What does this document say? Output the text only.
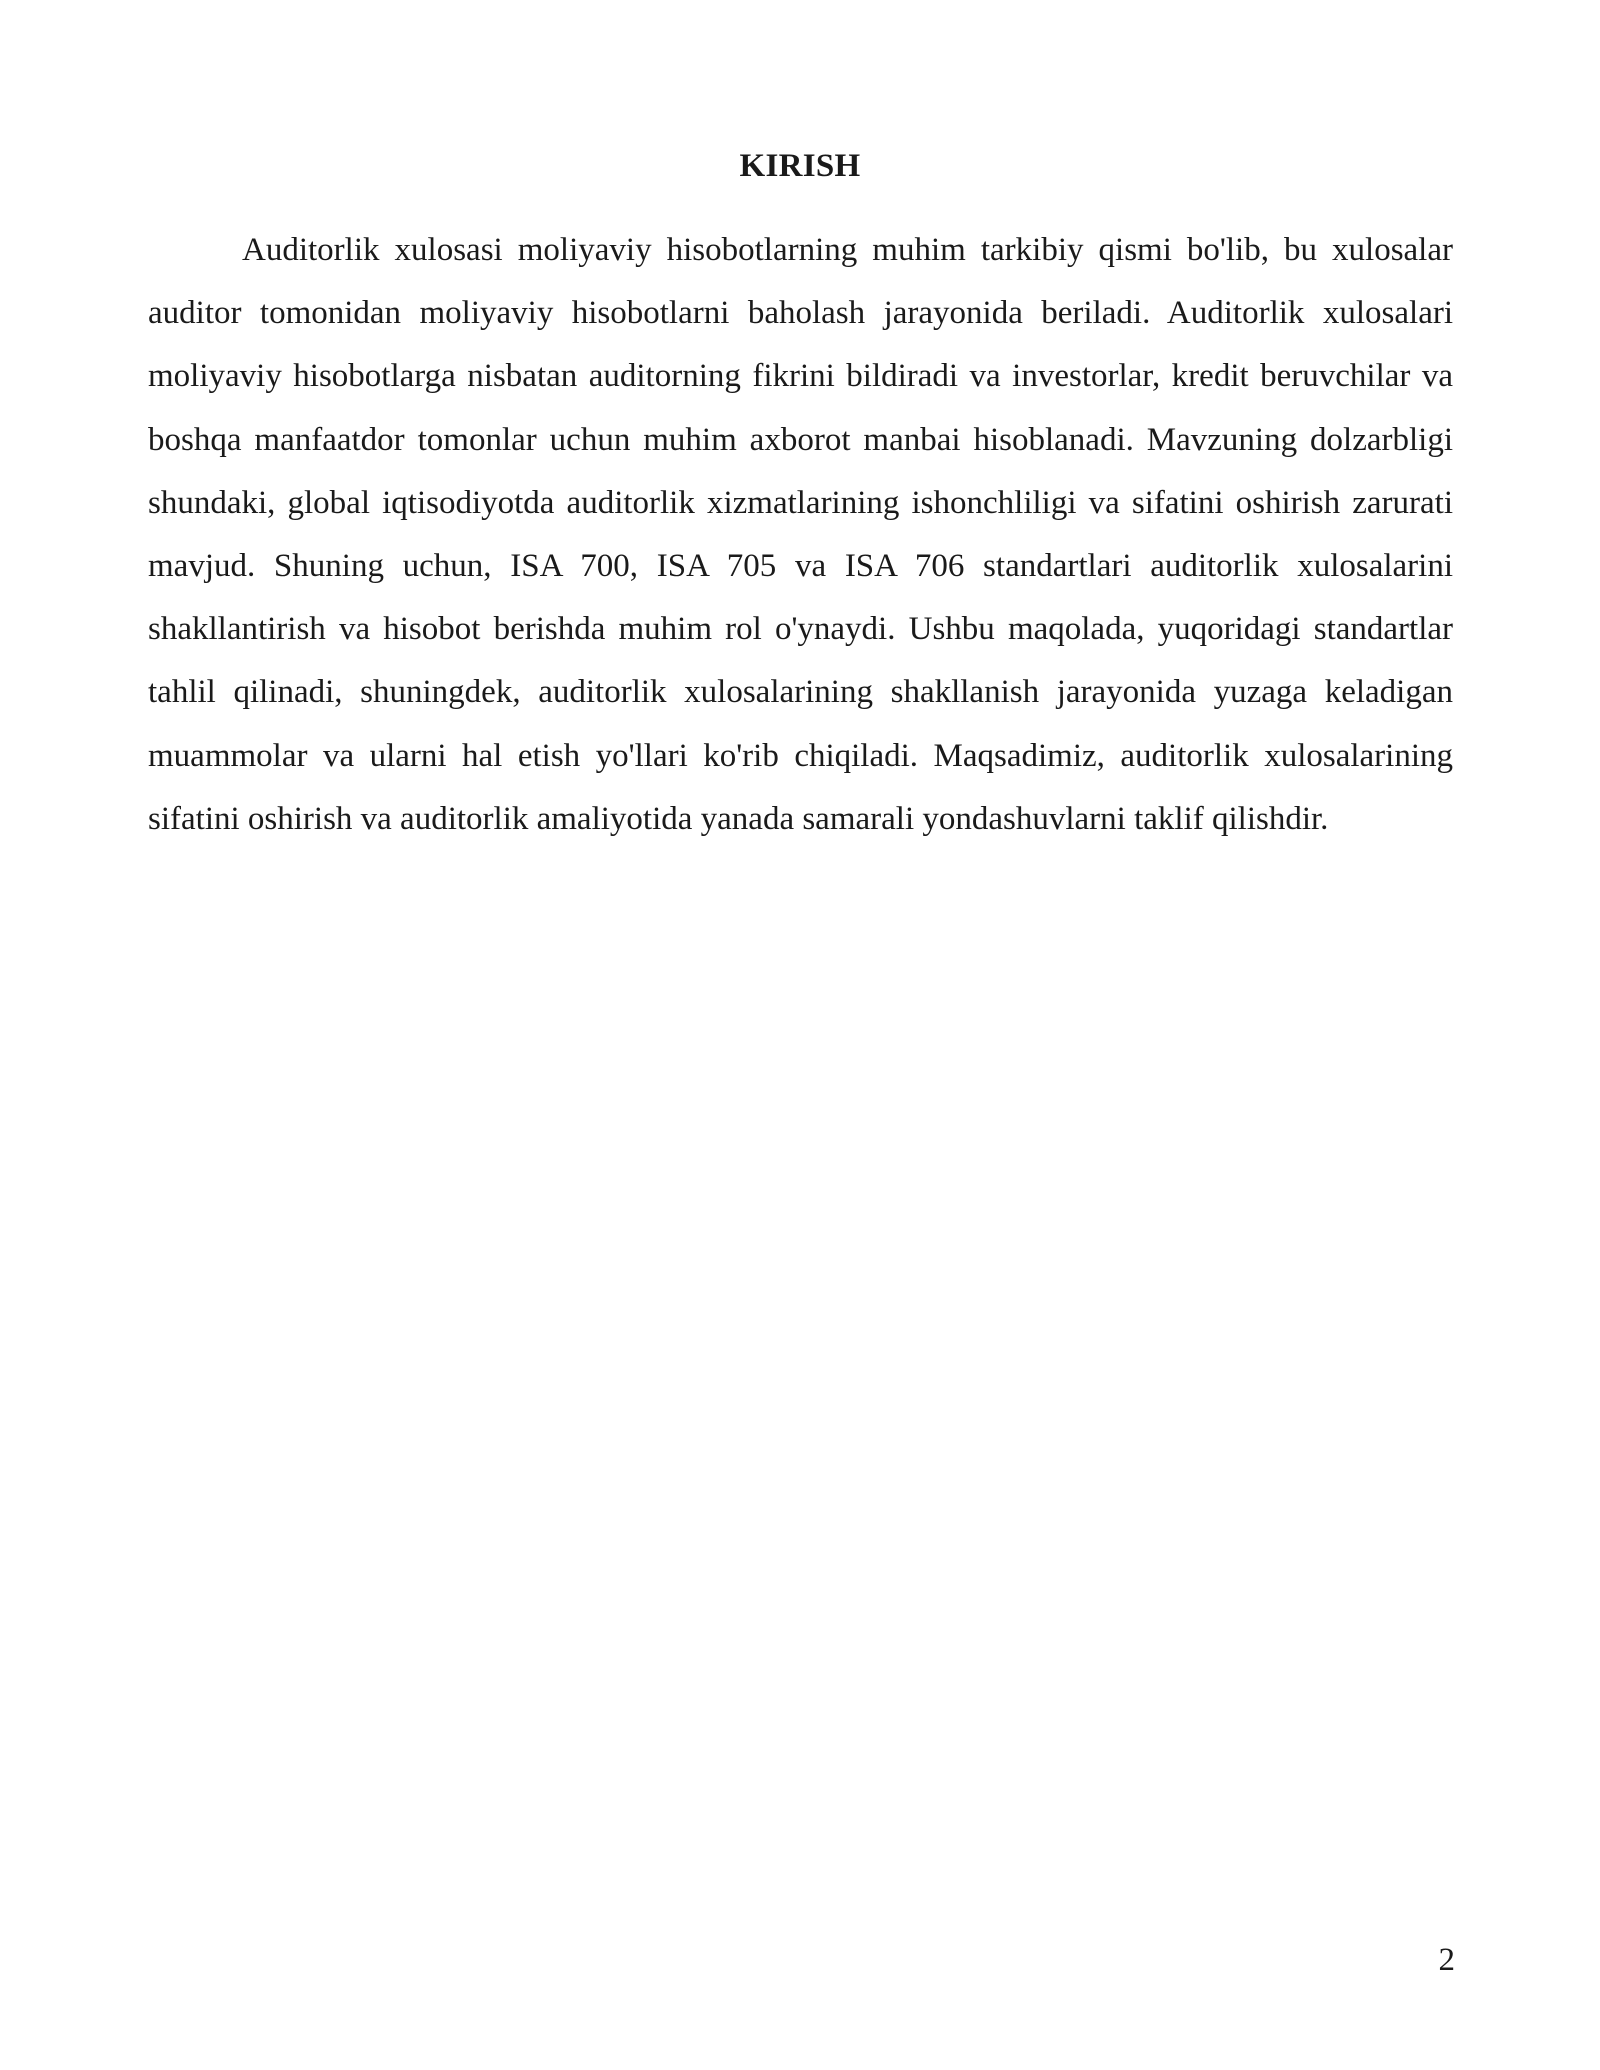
KIRISH

Auditorlik xulosasi moliyaviy hisobotlarning muhim tarkibiy qismi bo'lib, bu xulosalar auditor tomonidan moliyaviy hisobotlarni baholash jarayonida beriladi. Auditorlik xulosalari moliyaviy hisobotlarga nisbatan auditorning fikrini bildiradi va investorlar, kredit beruvchilar va boshqa manfaatdor tomonlar uchun muhim axborot manbai hisoblanadi. Mavzuning dolzarbligi shundaki, global iqtisodiyotda auditorlik xizmatlarining ishonchliligi va sifatini oshirish zarurati mavjud. Shuning uchun, ISA 700, ISA 705 va ISA 706 standartlari auditorlik xulosalarini shakllantirish va hisobot berishda muhim rol o'ynaydi. Ushbu maqolada, yuqoridagi standartlar tahlil qilinadi, shuningdek, auditorlik xulosalarining shakllanish jarayonida yuzaga keladigan muammolar va ularni hal etish yo'llari ko'rib chiqiladi. Maqsadimiz, auditorlik xulosalarining sifatini oshirish va auditorlik amaliyotida yanada samarali yondashuvlarni taklif qilishdir.

2
